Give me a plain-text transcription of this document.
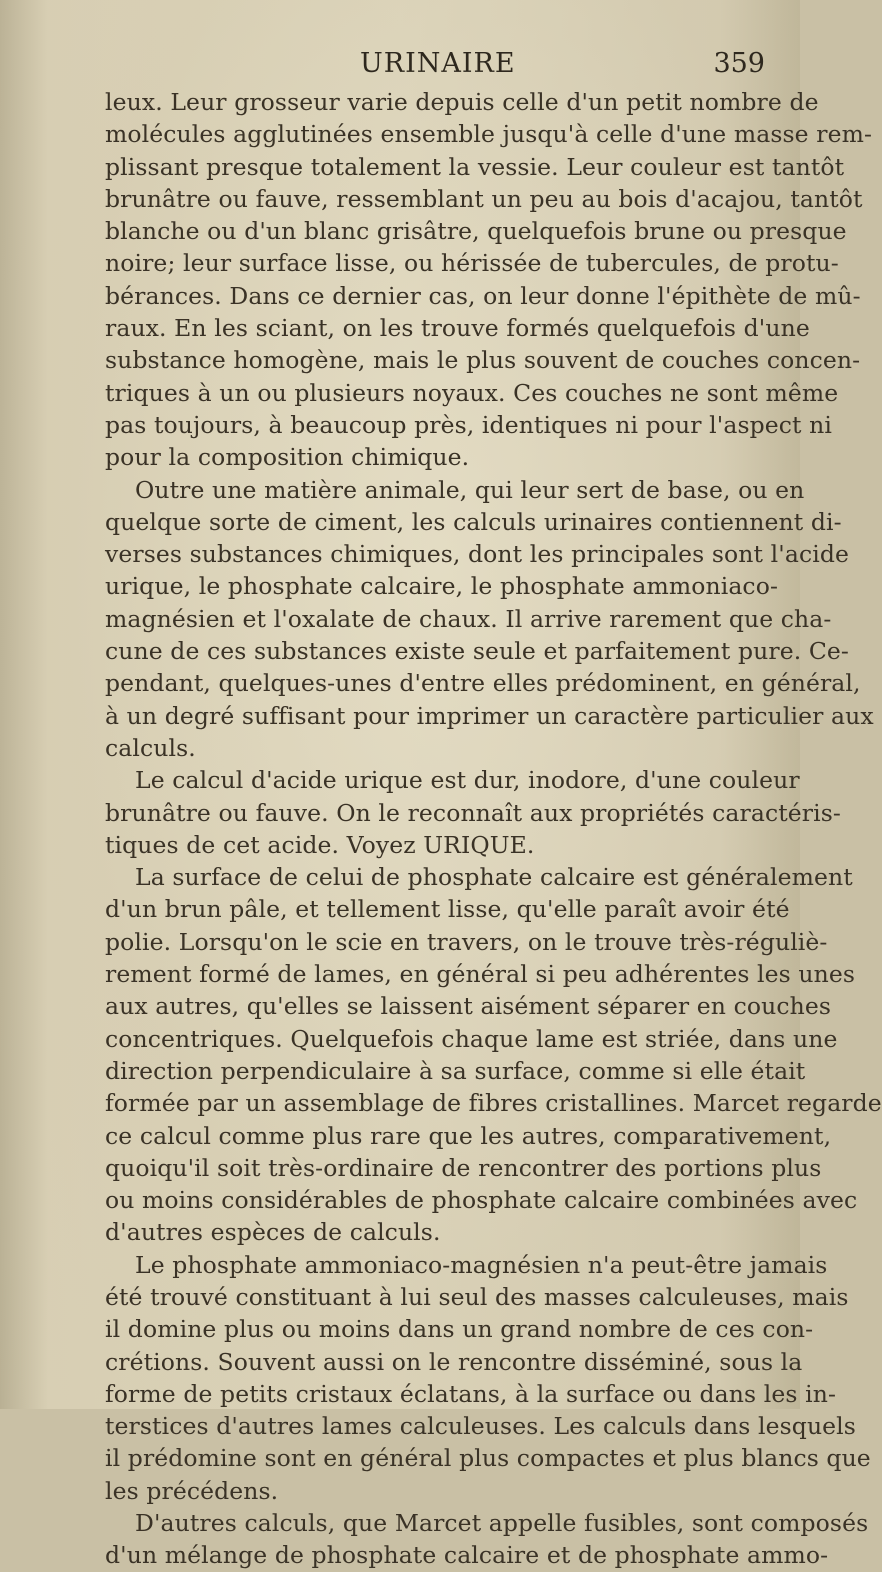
URINAIRE	359
leux. Leur grosseur varie depuis celle d'un petit nombre de
molécules agglutinées ensemble jusqu'à celle d'une masse rem-
plissant presque totalement la vessie. Leur couleur est tantôt
brunâtre ou fauve, ressemblant un peu au bois d'acajou, tantôt
blanche ou d'un blanc grisâtre, quelquefois brune ou presque
noire; leur surface lisse, ou hérissée de tubercules, de protu-
bérances. Dans ce dernier cas, on leur donne l'épithète de mû-
raux. En les sciant, on les trouve formés quelquefois d'une
substance homogène, mais le plus souvent de couches concen-
triques à un ou plusieurs noyaux. Ces couches ne sont même
pas toujours, à beaucoup près, identiques ni pour l'aspect ni
pour la composition chimique.
Outre une matière animale, qui leur sert de base, ou en
quelque sorte de ciment, les calculs urinaires contiennent di-
verses substances chimiques, dont les principales sont l'acide
urique, le phosphate calcaire, le phosphate ammoniaco-
magnésien et l'oxalate de chaux. Il arrive rarement que cha-
cune de ces substances existe seule et parfaitement pure. Ce-
pendant, quelques-unes d'entre elles prédominent, en général,
à un degré suffisant pour imprimer un caractère particulier aux
calculs.
Le calcul d'acide urique est dur, inodore, d'une couleur
brunâtre ou fauve. On le reconnaît aux propriétés caractéris-
tiques de cet acide. Voyez URIQUE.
La surface de celui de phosphate calcaire est généralement
d'un brun pâle, et tellement lisse, qu'elle paraît avoir été
polie. Lorsqu'on le scie en travers, on le trouve très-réguliè-
rement formé de lames, en général si peu adhérentes les unes
aux autres, qu'elles se laissent aisément séparer en couches
concentriques. Quelquefois chaque lame est striée, dans une
direction perpendiculaire à sa surface, comme si elle était
formée par un assemblage de fibres cristallines. Marcet regarde
ce calcul comme plus rare que les autres, comparativement,
quoiqu'il soit très-ordinaire de rencontrer des portions plus
ou moins considérables de phosphate calcaire combinées avec
d'autres espèces de calculs.
Le phosphate ammoniaco-magnésien n'a peut-être jamais
été trouvé constituant à lui seul des masses calculeuses, mais
il domine plus ou moins dans un grand nombre de ces con-
crétions. Souvent aussi on le rencontre disséminé, sous la
forme de petits cristaux éclatans, à la surface ou dans les in-
terstices d'autres lames calculeuses. Les calculs dans lesquels
il prédomine sont en général plus compactes et plus blancs que
les précédens.
D'autres calculs, que Marcet appelle fusibles, sont composés
d'un mélange de phosphate calcaire et de phosphate ammo-
